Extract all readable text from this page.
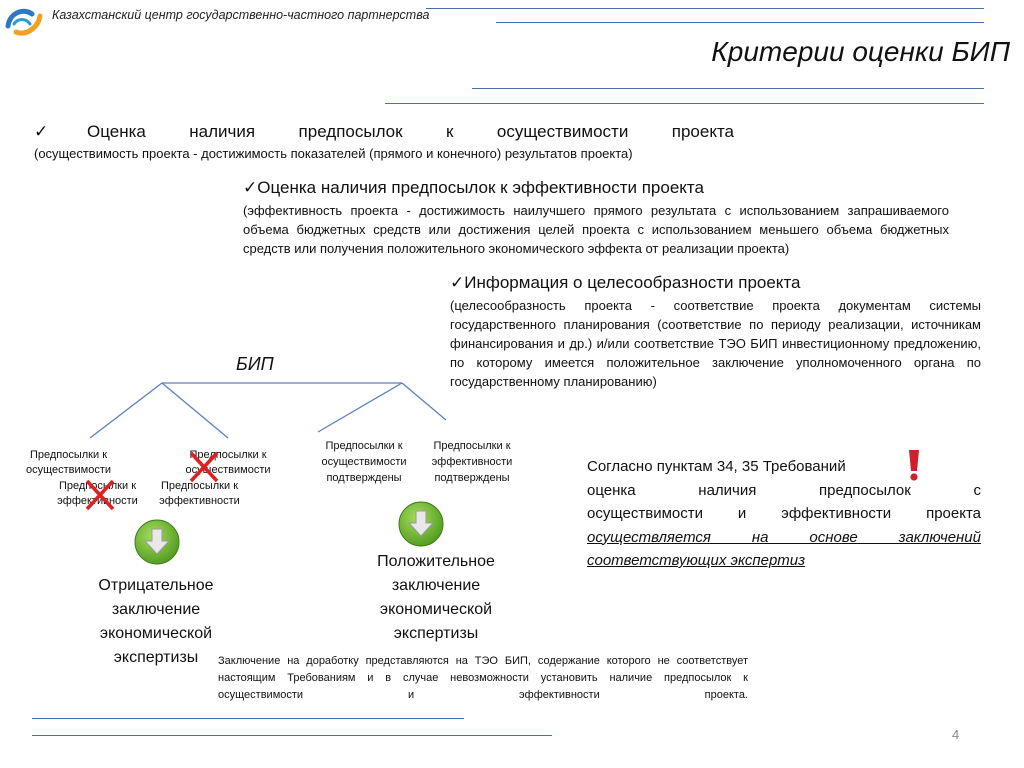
Казахстанский центр государственно-частного партнерства
Критерии оценки БИП
✓Оценка наличия предпосылок к осуществимости проекта
(осуществимость проекта - достижимость показателей (прямого и конечного) результатов проекта)
✓Оценка наличия предпосылок к эффективности проекта
(эффективность проекта - достижимость наилучшего прямого результата с использованием запрашиваемого объема бюджетных средств или достижения целей проекта с использованием меньшего объема бюджетных средств или получения положительного экономического эффекта от реализации проекта)
✓Информация о целесообразности проекта
(целесообразность проекта - соответствие проекта документам системы государственного планирования (соответствие по периоду реализации, источникам финансирования и др.) и/или соответствие ТЭО БИП инвестиционному предложению, по которому имеется положительное заключение уполномоченного органа по государственному планированию)
БИП
Предпосылки к осуществимости
Предпосылки к эффективности
Предпосылки к осуществимости
Предпосылки к эффективности
Предпосылки к осуществимости подтверждены
Предпосылки к эффективности подтверждены
Отрицательное заключение экономической экспертизы
Положительное заключение экономической экспертизы
Согласно пунктам 34, 35 Требований
оценка наличия предпосылок с
осуществимости и эффективности проекта
осуществляется на основе заключений
соответствующих экспертиз
Заключение на доработку представляются на ТЭО БИП, содержание которого не соответствует настоящим Требованиям и в случае невозможности установить наличие предпосылок к осуществимости и эффективности проекта.
4
